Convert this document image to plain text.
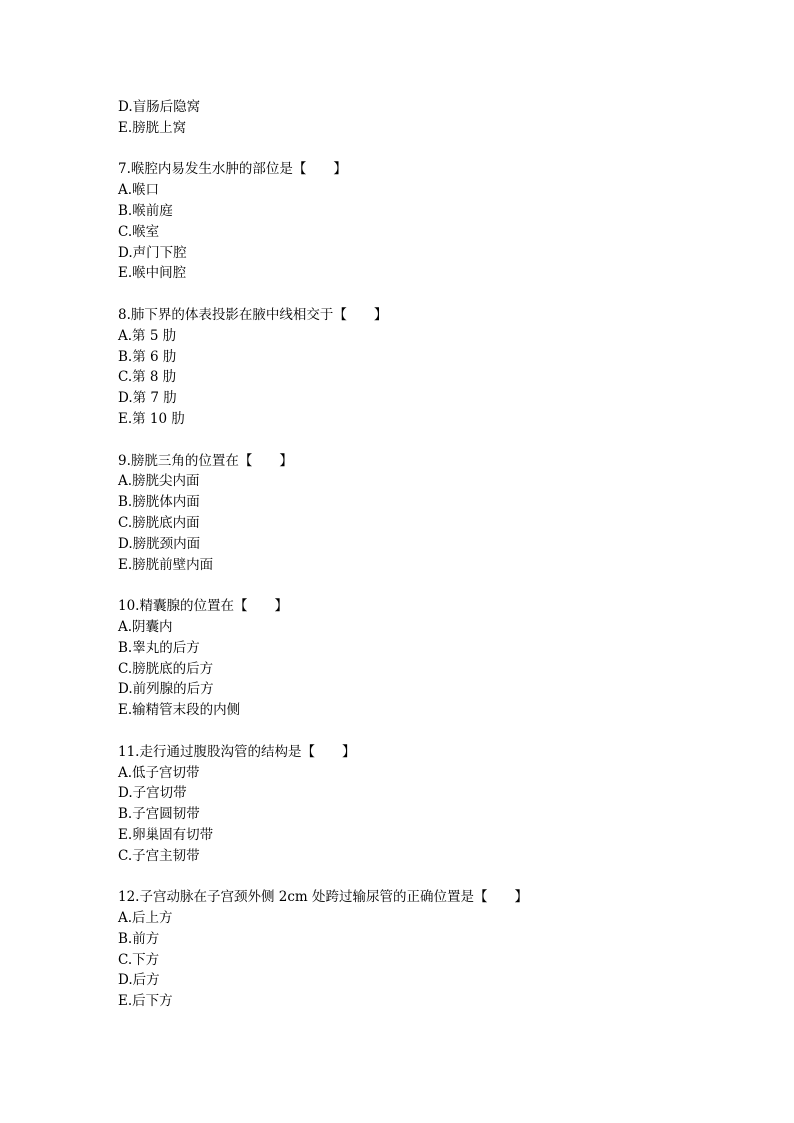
D.盲肠后隐窝
E.膀胱上窝
7.喉腔内易发生水肿的部位是【　　】
A.喉口
B.喉前庭
C.喉室
D.声门下腔
E.喉中间腔
8.肺下界的体表投影在腋中线相交于【　　】
A.第 5 肋
B.第 6 肋
C.第 8 肋
D.第 7 肋
E.第 10 肋
9.膀胱三角的位置在【　　】
A.膀胱尖内面
B.膀胱体内面
C.膀胱底内面
D.膀胱颈内面
E.膀胱前壁内面
10.精囊腺的位置在【　　】
A.阴囊内
B.睾丸的后方
C.膀胱底的后方
D.前列腺的后方
E.输精管末段的内侧
11.走行通过腹股沟管的结构是【　　】
A.低子宫切带
D.子宫切带
B.子宫圆韧带
E.卵巢固有切带
C.子宫主韧带
12.子宫动脉在子宫颈外侧 2cm 处跨过输尿管的正确位置是【　　】
A.后上方
B.前方
C.下方
D.后方
E.后下方
